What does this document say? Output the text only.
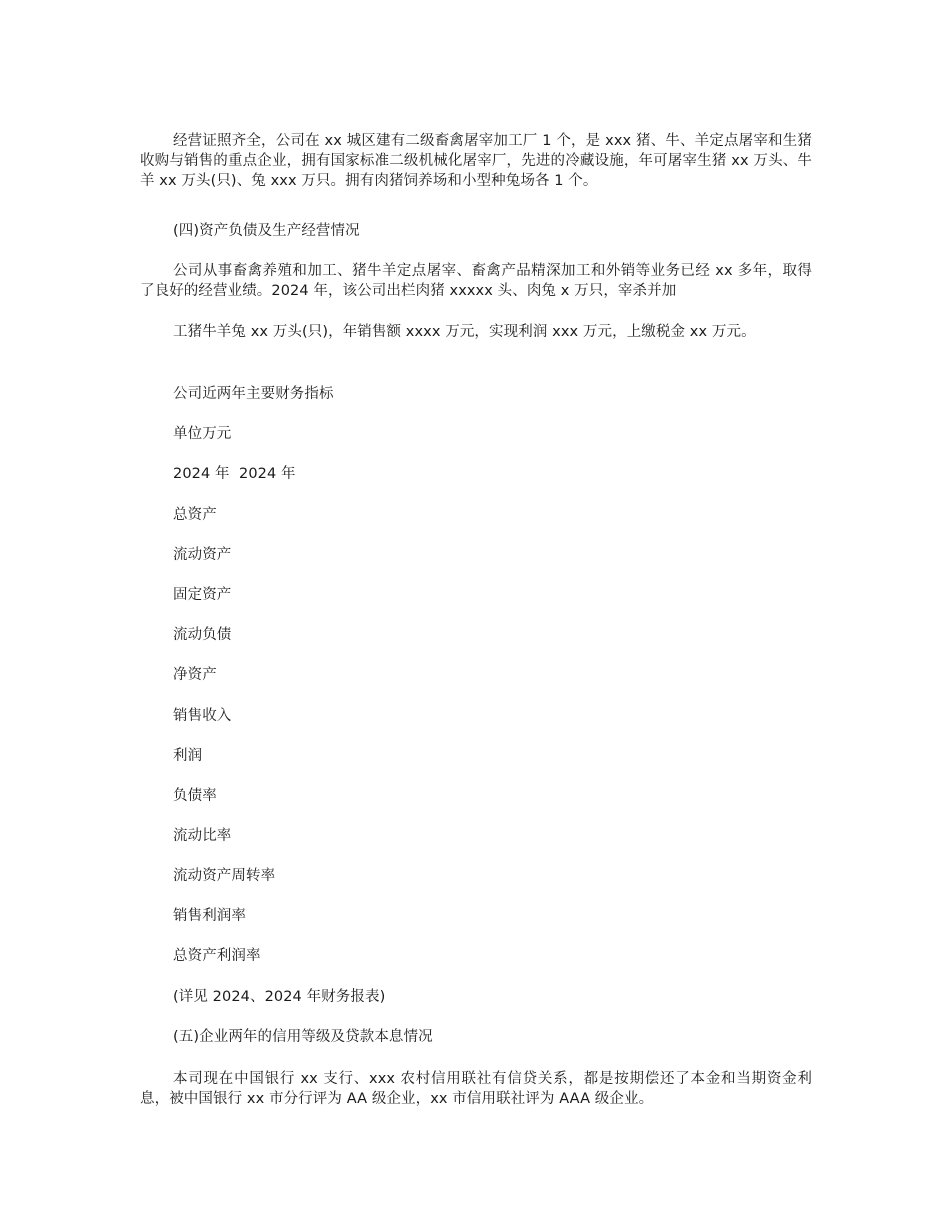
经营证照齐全，公司在 xx 城区建有二级畜禽屠宰加工厂 1 个，是 xxx 猪、牛、羊定点屠宰和生猪收购与销售的重点企业，拥有国家标准二级机械化屠宰厂，先进的冷藏设施，年可屠宰生猪 xx 万头、牛羊 xx 万头(只)、兔 xxx 万只。拥有肉猪饲养场和小型种兔场各 1 个。
(四)资产负债及生产经营情况
公司从事畜禽养殖和加工、猪牛羊定点屠宰、畜禽产品精深加工和外销等业务已经 xx 多年，取得了良好的经营业绩。2024 年，该公司出栏肉猪 xxxxx 头、肉兔 x 万只，宰杀并加
工猪牛羊兔 xx 万头(只)，年销售额 xxxx 万元，实现利润 xxx 万元，上缴税金 xx 万元。
公司近两年主要财务指标
单位万元
2024 年  2024 年
总资产
流动资产
固定资产
流动负债
净资产
销售收入
利润
负债率
流动比率
流动资产周转率
销售利润率
总资产利润率
(详见 2024、2024 年财务报表)
(五)企业两年的信用等级及贷款本息情况
本司现在中国银行 xx 支行、xxx 农村信用联社有信贷关系，都是按期偿还了本金和当期资金利息，被中国银行 xx 市分行评为 AA 级企业，xx 市信用联社评为 AAA 级企业。
